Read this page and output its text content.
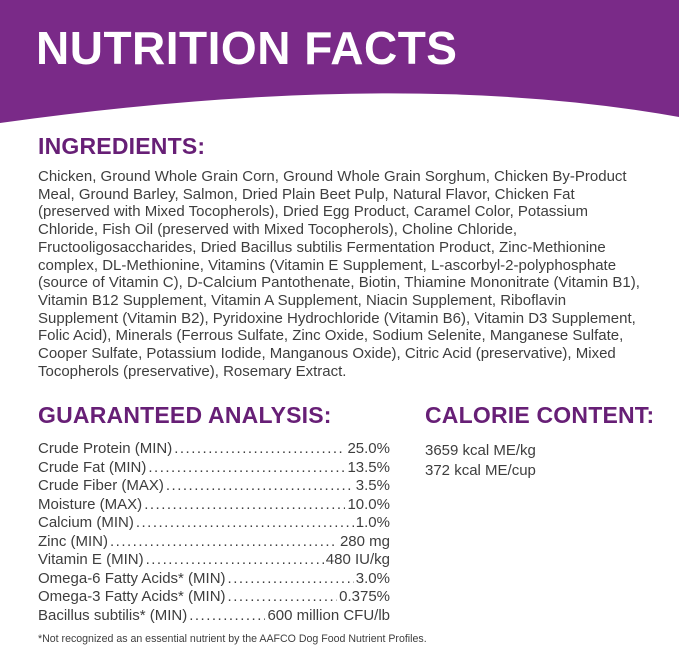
NUTRITION FACTS
INGREDIENTS:

Chicken, Ground Whole Grain Corn, Ground Whole Grain Sorghum, Chicken By-Product Meal, Ground Barley, Salmon, Dried Plain Beet Pulp, Natural Flavor, Chicken Fat (preserved with Mixed Tocopherols), Dried Egg Product, Caramel Color, Potassium Chloride, Fish Oil (preserved with Mixed Tocopherols), Choline Chloride, Fructooligosaccharides, Dried Bacillus subtilis Fermentation Product, Zinc-Methionine complex, DL-Methionine, Vitamins (Vitamin E Supplement, L-ascorbyl-2-polyphosphate (source of Vitamin C), D-Calcium Pantothenate, Biotin, Thiamine Mononitrate (Vitamin B1), Vitamin B12 Supplement, Vitamin A Supplement, Niacin Supplement, Riboflavin Supplement (Vitamin B2), Pyridoxine Hydrochloride (Vitamin B6), Vitamin D3 Supplement, Folic Acid), Minerals (Ferrous Sulfate, Zinc Oxide, Sodium Selenite, Manganese Sulfate, Cooper Sulfate, Potassium Iodide, Manganous Oxide), Citric Acid (preservative), Mixed Tocopherols (preservative), Rosemary Extract.

GUARANTEED ANALYSIS:
Crude Protein (MIN) .....	25.0%
Crude Fat (MIN) .....	13.5%
Crude Fiber (MAX) .....	3.5%
Moisture (MAX) .....	10.0%
Calcium (MIN) .....	1.0%
Zinc (MIN) .....	280 mg
Vitamin E (MIN) .....	480 IU/kg
Omega-6 Fatty Acids* (MIN) .....	3.0%
Omega-3 Fatty Acids* (MIN) .....	0.375%
Bacillus subtilis* (MIN) .....	600 million CFU/lb
CALORIE CONTENT:

3659 kcal ME/kg

372 kcal ME/cup

*Not recognized as an essential nutrient by the AAFCO Dog Food Nutrient Profiles.
